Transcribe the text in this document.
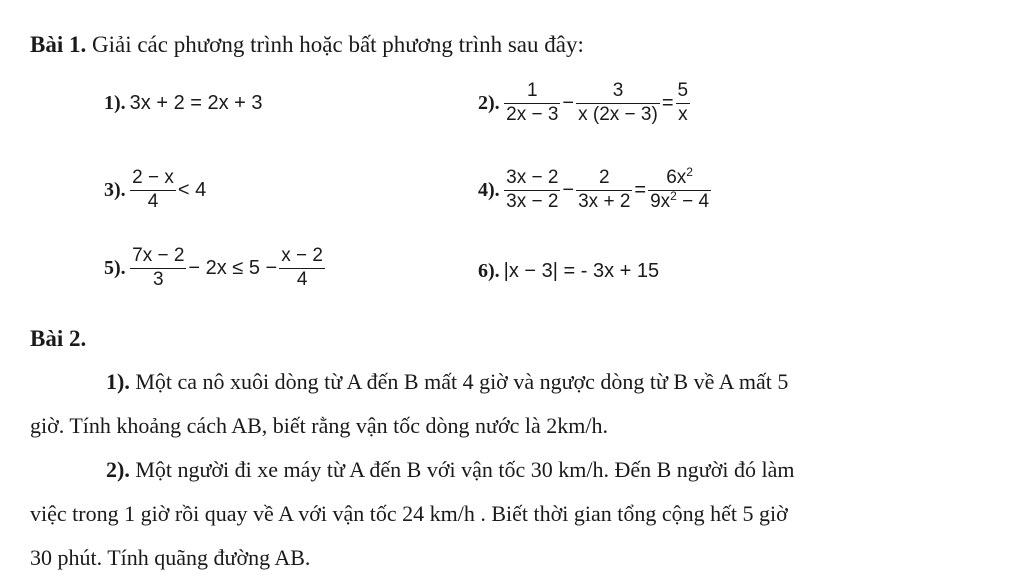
Bài 1. Giải các phương trình hoặc bất phương trình sau đây:
1). 3x + 2 = 2x + 3	2). $\frac{1}{2x - 3} - \frac{3}{x (2x - 3)} = \frac{5}{x}$
3). $\frac{2 - x}{4} < 4$	4). $\frac{3x - 2}{3x - 2} - \frac{2}{3x + 2} = \frac{6x^2}{9x^2 - 4}$
5). $\frac{7x - 2}{3} - 2x \le 5 - \frac{x - 2}{4}$	6). |x − 3| = - 3x + 15
Bài 2.
1). Một ca nô xuôi dòng từ A đến B mất 4 giờ và ngược dòng từ B về A mất 5
giờ. Tính khoảng cách AB, biết rằng vận tốc dòng nước là 2km/h.
2). Một người đi xe máy từ A đến B với vận tốc 30 km/h. Đến B người đó làm
việc trong 1 giờ rồi quay về A với vận tốc 24 km/h . Biết thời gian tổng cộng hết 5 giờ
30 phút. Tính quãng đường AB.
